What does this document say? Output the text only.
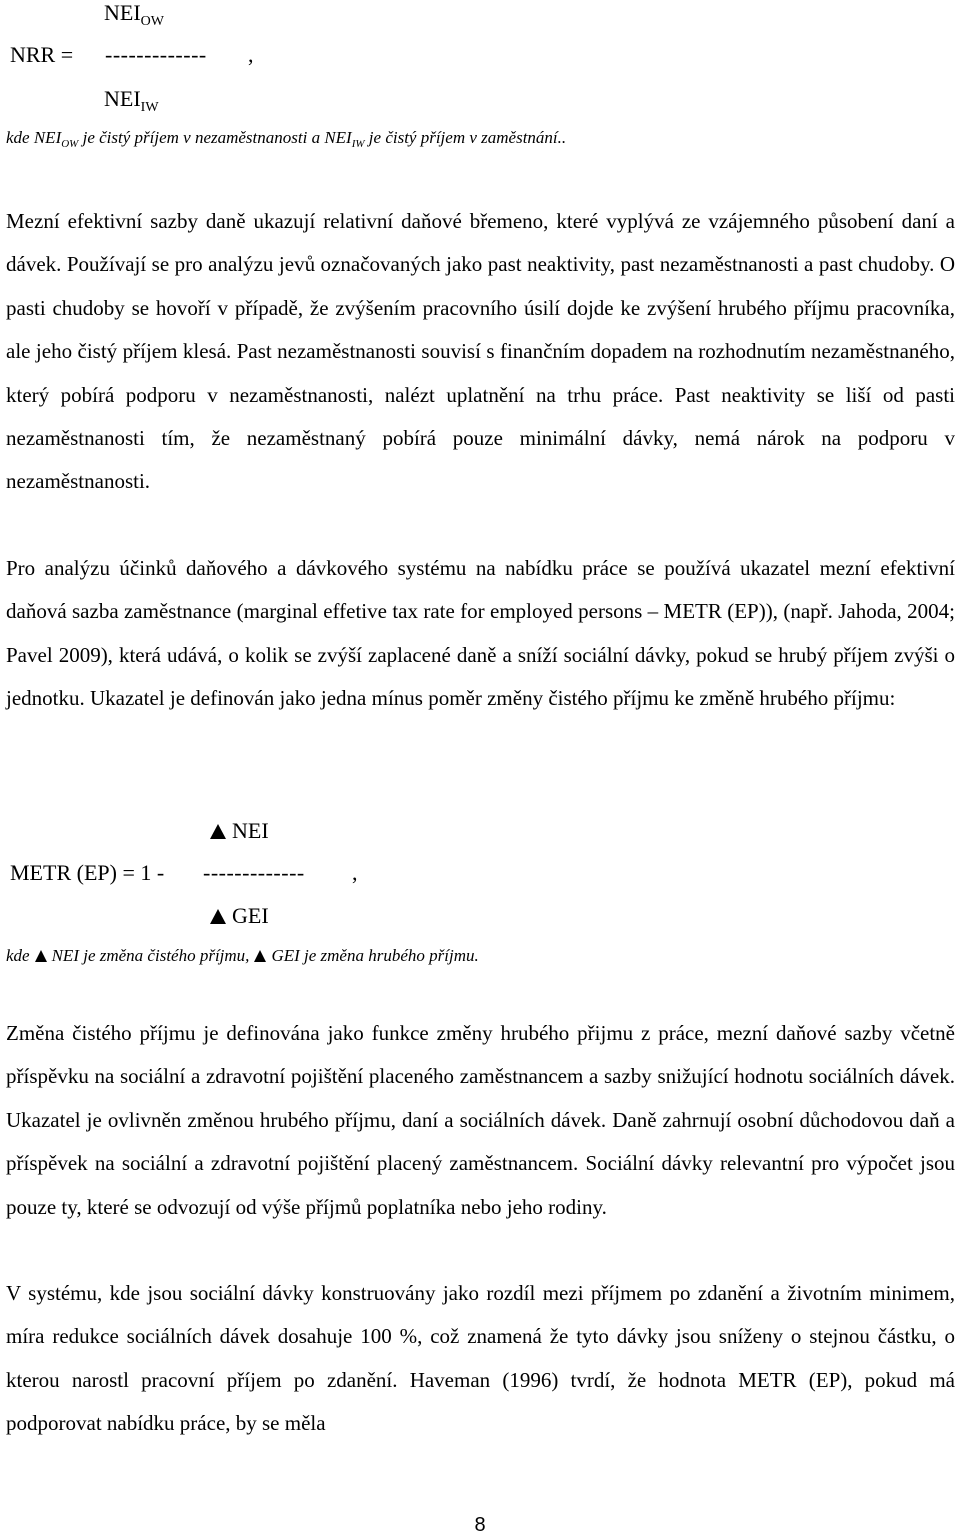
$NEI_{OW}$
NRR = ------------- ,
$NEI_{IW}$
kde $NEI_{OW}$ je čistý příjem v nezaměstnanosti a $NEI_{IW}$ je čistý příjem v zaměstnání..

Mezní efektivní sazby daně ukazují relativní daňové břemeno, které vyplývá ze vzájemného působení daní a dávek. Používají se pro analýzu jevů označovaných jako past neaktivity, past nezaměstnanosti a past chudoby. O pasti chudoby se hovoří v případě, že zvýšením pracovního úsilí dojde ke zvýšení hrubého příjmu pracovníka, ale jeho čistý příjem klesá. Past nezaměstnanosti souvisí s finančním dopadem na rozhodnutím nezaměstnaného, který pobírá podporu v nezaměstnanosti, nalézt uplatnění na trhu práce. Past neaktivity se liší od pasti nezaměstnanosti tím, že nezaměstnaný pobírá pouze minimální dávky, nemá nárok na podporu v nezaměstnanosti.

Pro analýzu účinků daňového a dávkového systému na nabídku práce se používá ukazatel mezní efektivní daňová sazba zaměstnance (marginal effetive tax rate for employed persons – METR (EP)), (např. Jahoda, 2004; Pavel 2009), která udává, o kolik se zvýší zaplacené daně a sníží sociální dávky, pokud se hrubý příjem zvýši o jednotku. Ukazatel je definován jako jedna mínus poměr změny čistého příjmu ke změně hrubého příjmu:

NEI
METR (EP) = 1 - ------------- ,
GEI
kde NEI je změna čistého příjmu, GEI je změna hrubého příjmu.

Změna čistého příjmu je definována jako funkce změny hrubého přijmu z práce, mezní daňové sazby včetně příspěvku na sociální a zdravotní pojištění placeného zaměstnancem a sazby snižující hodnotu sociálních dávek. Ukazatel je ovlivněn změnou hrubého příjmu, daní a sociálních dávek. Daně zahrnují osobní důchodovou daň a příspěvek na sociální a zdravotní pojištění placený zaměstnancem. Sociální dávky relevantní pro výpočet jsou pouze ty, které se odvozují od výše příjmů poplatníka nebo jeho rodiny.

V systému, kde jsou sociální dávky konstruovány jako rozdíl mezi příjmem po zdanění a životním minimem, míra redukce sociálních dávek dosahuje 100 %, což znamená že tyto dávky jsou sníženy o stejnou částku, o kterou narostl pracovní příjem po zdanění. Haveman (1996) tvrdí, že hodnota METR (EP), pokud má podporovat nabídku práce, by se měla

8
